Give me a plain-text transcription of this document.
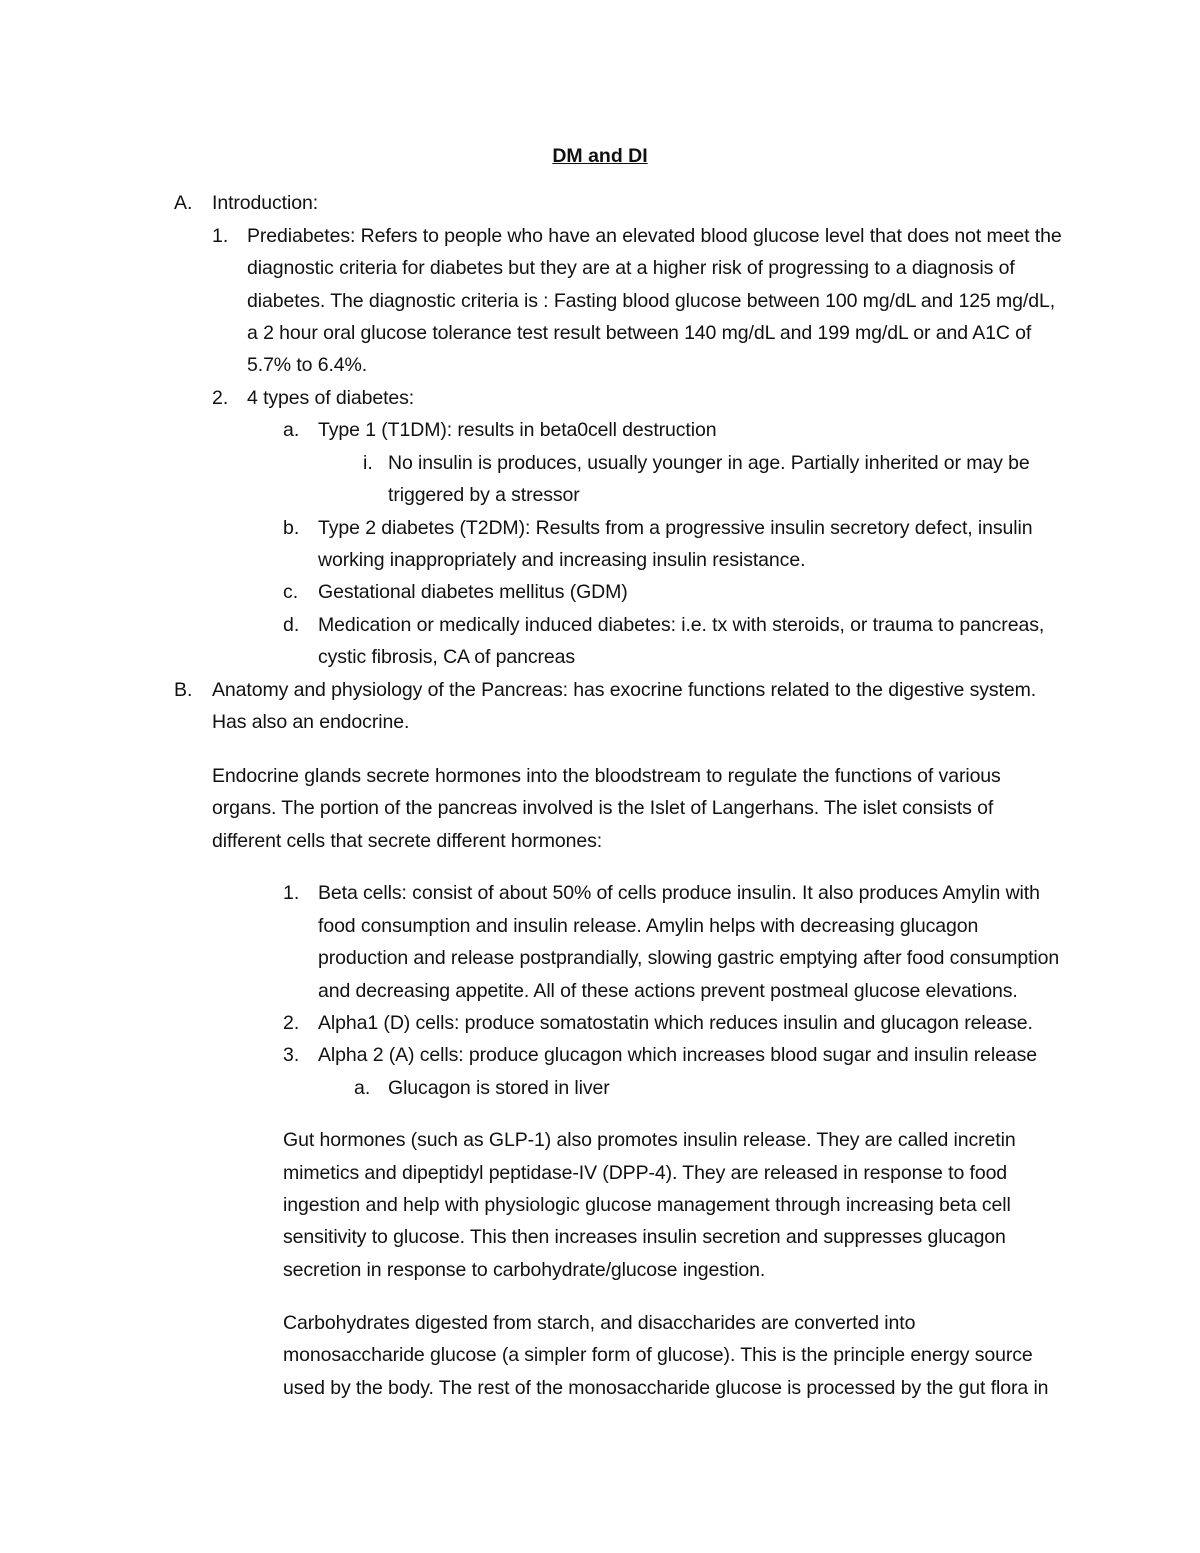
DM and DI
A. Introduction:
1. Prediabetes: Refers to people who have an elevated blood glucose level that does not meet the
diagnostic criteria for diabetes but they are at a higher risk of progressing to a diagnosis of
diabetes. The diagnostic criteria is : Fasting blood glucose between 100 mg/dL and 125 mg/dL,
a 2 hour oral glucose tolerance test result between 140 mg/dL and 199 mg/dL or and A1C of
5.7% to 6.4%.
2. 4 types of diabetes:
a. Type 1 (T1DM): results in beta0cell destruction
i. No insulin is produces, usually younger in age. Partially inherited or may be
triggered by a stressor
b. Type 2 diabetes (T2DM): Results from a progressive insulin secretory defect, insulin
working inappropriately and increasing insulin resistance.
c. Gestational diabetes mellitus (GDM)
d. Medication or medically induced diabetes: i.e. tx with steroids, or trauma to pancreas,
cystic fibrosis, CA of pancreas
B. Anatomy and physiology of the Pancreas: has exocrine functions related to the digestive system.
Has also an endocrine.
Endocrine glands secrete hormones into the bloodstream to regulate the functions of various
organs. The portion of the pancreas involved is the Islet of Langerhans. The islet consists of
different cells that secrete different hormones:
1. Beta cells: consist of about 50% of cells produce insulin. It also produces Amylin with
food consumption and insulin release. Amylin helps with decreasing glucagon
production and release postprandially, slowing gastric emptying after food consumption
and decreasing appetite. All of these actions prevent postmeal glucose elevations.
2. Alpha1 (D) cells: produce somatostatin which reduces insulin and glucagon release.
3. Alpha 2 (A) cells: produce glucagon which increases blood sugar and insulin release
a. Glucagon is stored in liver
Gut hormones (such as GLP-1) also promotes insulin release. They are called incretin
mimetics and dipeptidyl peptidase-IV (DPP-4). They are released in response to food
ingestion and help with physiologic glucose management through increasing beta cell
sensitivity to glucose. This then increases insulin secretion and suppresses glucagon
secretion in response to carbohydrate/glucose ingestion.
Carbohydrates digested from starch, and disaccharides are converted into
monosaccharide glucose (a simpler form of glucose). This is the principle energy source
used by the body. The rest of the monosaccharide glucose is processed by the gut flora in
